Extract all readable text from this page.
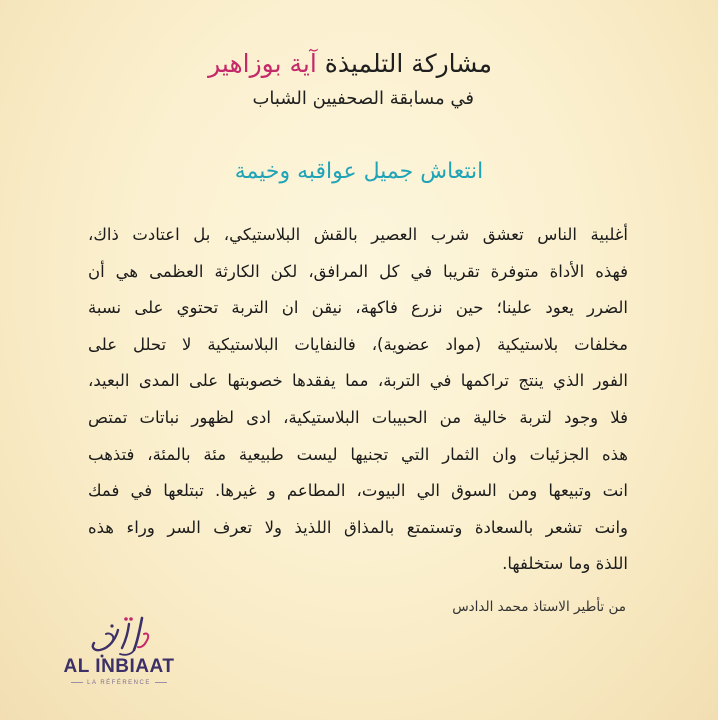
مشاركة التلميذة آية بوزاهير
في مسابقة الصحفيين الشباب
انتعاش جميل عواقبه وخيمة
أغلبية الناس تعشق شرب العصير بالقش البلاستيكي، بل اعتادت ذاك،
فهذه الأداة متوفرة تقريبا في كل المرافق، لكن الكارثة العظمى هي أن
الضرر يعود علينا؛ حين نزرع فاكهة، نيقن ان التربة تحتوي على نسبة
مخلفات بلاستيكية (مواد عضوية)، فالنفايات البلاستيكية لا تحلل على
الفور الذي ينتج تراكمها في التربة، مما يفقدها خصوبتها على المدى البعيد،
فلا وجود لتربة خالية من الحبيبات البلاستيكية، ادى لظهور نباتات تمتص
هذه الجزئيات وان الثمار التي تجنيها ليست طبيعية مئة بالمئة، فتذهب
انت وتبيعها ومن السوق الي البيوت، المطاعم و غيرها. تبتلعها في فمك
وانت تشعر بالسعادة وتستمتع بالمذاق اللذيذ ولا تعرف السر وراء هذه
اللذة وما ستخلفها.
من تأطير الاستاذ محمد الدادس
AL INBIAAT
LA RÉFÉRENCE
